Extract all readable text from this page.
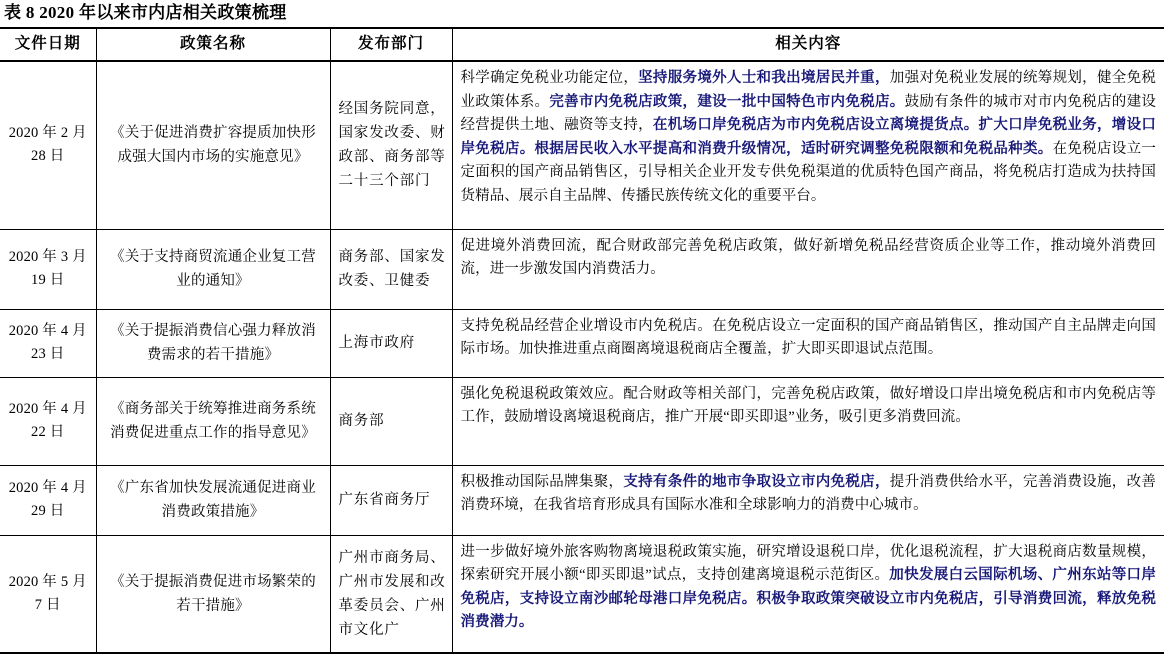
表 8 2020 年以来市内店相关政策梳理
文件日期	政策名称	发布部门	相关内容
2020 年 2 月 28 日	《关于促进消费扩容提质加快形成强大国内市场的实施意见》	经国务院同意，国家发改委、财政部、商务部等二十三个部门	科学确定免税业功能定位，坚持服务境外人士和我出境居民并重，加强对免税业发展的统筹规划，健全免税业政策体系。完善市内免税店政策，建设一批中国特色市内免税店。鼓励有条件的城市对市内免税店的建设经营提供土地、融资等支持，在机场口岸免税店为市内免税店设立离境提货点。扩大口岸免税业务，增设口岸免税店。根据居民收入水平提高和消费升级情况，适时研究调整免税限额和免税品种类。在免税店设立一定面积的国产商品销售区，引导相关企业开发专供免税渠道的优质特色国产商品，将免税店打造成为扶持国货精品、展示自主品牌、传播民族传统文化的重要平台。

2020 年 3 月 19 日	《关于支持商贸流通企业复工营业的通知》	商务部、国家发改委、卫健委	促进境外消费回流，配合财政部完善免税店政策，做好新增免税品经营资质企业等工作，推动境外消费回流，进一步激发国内消费活力。

2020 年 4 月 23 日	《关于提振消费信心强力释放消费需求的若干措施》	上海市政府	支持免税品经营企业增设市内免税店。在免税店设立一定面积的国产商品销售区，推动国产自主品牌走向国际市场。加快推进重点商圈离境退税商店全覆盖，扩大即买即退试点范围。

2020 年 4 月 22 日	《商务部关于统筹推进商务系统消费促进重点工作的指导意见》	商务部	强化免税退税政策效应。配合财政等相关部门，完善免税店政策，做好增设口岸出境免税店和市内免税店等工作，鼓励增设离境退税商店，推广开展“即买即退”业务，吸引更多消费回流。

2020 年 4 月 29 日	《广东省加快发展流通促进商业消费政策措施》	广东省商务厅	积极推动国际品牌集聚，支持有条件的地市争取设立市内免税店，提升消费供给水平，完善消费设施，改善消费环境，在我省培育形成具有国际水准和全球影响力的消费中心城市。

2020 年 5 月 7 日	《关于提振消费促进市场繁荣的若干措施》	广州市商务局、广州市发展和改革委员会、广州市文化广	进一步做好境外旅客购物离境退税政策实施，研究增设退税口岸，优化退税流程，扩大退税商店数量规模，探索研究开展小额“即买即退”试点，支持创建离境退税示范街区。加快发展白云国际机场、广州东站等口岸免税店，支持设立南沙邮轮母港口岸免税店。积极争取政策突破设立市内免税店，引导消费回流，释放免税消费潜力。
